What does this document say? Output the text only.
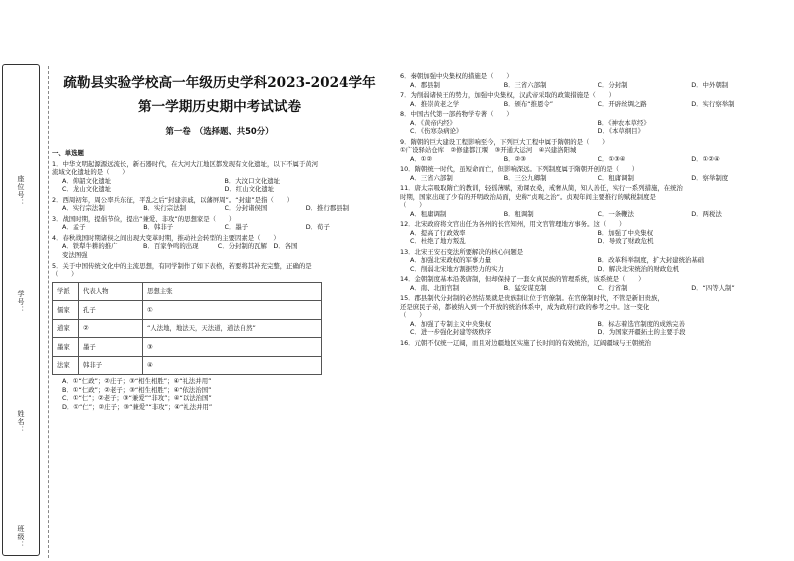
座位号：
学号：
姓名：
班级：
疏勒县实验学校高一年级历史学科2023-2024学年
第一学期历史期中考试试卷
第一卷　（选择题、共50分）
一、单选题
1．中华文明起源源远流长，新石器时代，在大河大江地区都发现有文化遗址，以下不属于黄河
流域文化遗址的是（　　）
A．仰韶文化遗址	B．大汶口文化遗址
C．龙山文化遗址	D．红山文化遗址
2．西周初年，周公率兵东征，平乱之后“封建亲戚，以藩屏周”。“封建”是指（　　）
A．实行宗法制	B．实行宗法制	C．分封诸侯国	D．推行郡县制
3．战国时期，提倡节俭，提出“兼爱、非攻”的思想家是（　　）
A．孟子	B．韩非子	C．墨子	D．荀子
4．春秋战国时期诸侯之间出现大变革时期，推动社会转型的主要因素是（　　）
A．铁犁牛耕的推广　　　　B．百家争鸣的出现　　　C．分封制的瓦解　D．各国
变法图强
5．关于中国传统文化中的主流思想，有同学制作了如下表格，若要将其补充完整，正确的是
（　　）
学派	代表人物	思想主张
儒家	孔子	①
道家	②	“人法地，地法天，天法道，道法自然”
墨家	墨子	③
法家	韩非子	④
A．①“仁政”；②庄子；③“相生相胜”；④“礼法并用”
B．①“仁政”；②老子；③“相生相胜”；④“依法治国”
C．①“仁”；②老子；③“兼爱”“非攻”；④“以法治国”
D．①“仁”；②庄子；③“兼爱”“非攻”；④“礼法并用”
6．秦朝加强中央集权的措施是（　　）
A．郡县制	B．三省六部制	C．分封制	D．中外朝制
7．为削弱诸侯王的势力，加强中央集权，汉武帝采取的政策措施是（　　）
A．推崇黄老之学	B．颁布“推恩令”	C．开辟丝绸之路	D．实行察举制
8．中国古代第一部药物学专著（　　）
A．《黄帝内经》	B．《神农本草经》
C．《伤寒杂病论》	D．《本草纲目》
9．隋朝的巨大建设工程影响至今，下列巨大工程中属于隋朝的是（　　）
①广设驿站仓库　②修建都江堰　③开通大运河　④兴建洛阳城
A．①②	B．②③	C．①③④	D．①②④
10．隋朝统一时代，虽短命而亡，但影响深远。下列制度属于隋朝开创的是（　　）
A．三省六部制	B．三公九卿制	C．租庸调制	D．察举制度
11．唐太宗吸取隋亡的教训，轻徭薄赋，劝课农桑，戒奢从简，知人善任，实行一系列措施，在统治
时期，国家出现了少有的开明政治局面，史称“贞观之治”。贞观年间主要推行的赋税制度是
（　　）
A．租庸调制	B．租调制	C．一条鞭法	D．两税法
12．北宋政府将文官出任为各州的长官知州，用文官管理地方事务。这（　　）
A．提高了行政效率	B．加强了中央集权
C．杜绝了地方叛乱	D．导致了财政危机
13．北宋王安石变法所要解决的核心问题是
A．加强北宋政权的军事力量	B．改革科举制度，扩大封建统治基础
C．削弱北宋地方割据势力的实力	D．解决北宋统治的财政危机
14．金朝制度基本沿袭唐制，但却保持了一套女真民族的管理系统，该系统是（　　）
A．南、北面官制	B．猛安谋克制	C．行省制	D．“四等人制”
15．郡县制代分封制的必然结果就是贵族制让位于官僚制。在官僚制时代，不管是新旧贵族，
还是庶民子弟，都被纳入到一个开放的统治体系中，成为政府行政的参考之中。这一变化
（　　）
A．加强了专制主义中央集权	B．标志着选官制度的成熟完善
C．进一步强化封建等级秩序	D．为国家开疆拓土的主要手段
16．元朝不仅统一辽阔，而且对边疆地区实施了长时间的有效统治，辽阔疆域与王朝统治
